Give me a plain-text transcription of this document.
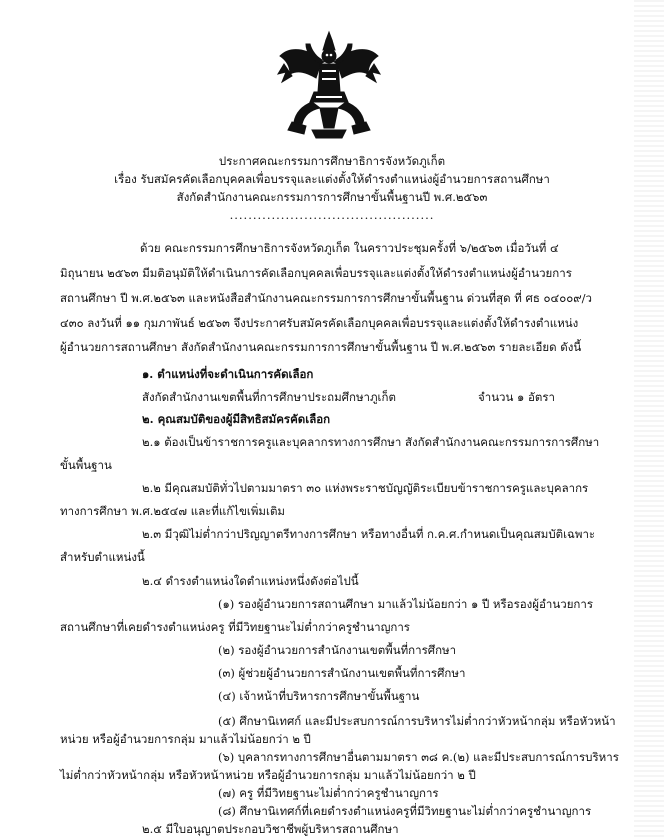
ประกาศคณะกรรมการศึกษาธิการจังหวัดภูเก็ต
เรื่อง รับสมัครคัดเลือกบุคคลเพื่อบรรจุและแต่งตั้งให้ดำรงตำแหน่งผู้อำนวยการสถานศึกษา
สังกัดสำนักงานคณะกรรมการการศึกษาขั้นพื้นฐานปี พ.ศ.๒๕๖๓
............................................
ด้วย คณะกรรมการศึกษาธิการจังหวัดภูเก็ต ในคราวประชุมครั้งที่ ๖/๒๕๖๓ เมื่อวันที่ ๔
มิถุนายน ๒๕๖๓ มีมติอนุมัติให้ดำเนินการคัดเลือกบุคคลเพื่อบรรจุและแต่งตั้งให้ดำรงตำแหน่งผู้อำนวยการ
สถานศึกษา ปี พ.ศ.๒๕๖๓ และหนังสือสำนักงานคณะกรรมการการศึกษาขั้นพื้นฐาน ด่วนที่สุด ที่ ศธ ๐๔๐๐๙/ว
๔๓๐ ลงวันที่ ๑๑ กุมภาพันธ์ ๒๕๖๓ จึงประกาศรับสมัครคัดเลือกบุคคลเพื่อบรรจุและแต่งตั้งให้ดำรงตำแหน่ง
ผู้อำนวยการสถานศึกษา สังกัดสำนักงานคณะกรรมการการศึกษาขั้นพื้นฐาน ปี พ.ศ.๒๕๖๓ รายละเอียด ดังนี้
๑. ตำแหน่งที่จะดำเนินการคัดเลือก
สังกัดสำนักงานเขตพื้นที่การศึกษาประถมศึกษาภูเก็ต	จำนวน ๑ อัตรา
๒. คุณสมบัติของผู้มีสิทธิสมัครคัดเลือก
๒.๑ ต้องเป็นข้าราชการครูและบุคลากรทางการศึกษา สังกัดสำนักงานคณะกรรมการการศึกษา
ขั้นพื้นฐาน
๒.๒ มีคุณสมบัติทั่วไปตามมาตรา ๓๐ แห่งพระราชบัญญัติระเบียบข้าราชการครูและบุคลากร
ทางการศึกษา พ.ศ.๒๕๔๗ และที่แก้ไขเพิ่มเติม
๒.๓ มีวุฒิไม่ต่ำกว่าปริญญาตรีทางการศึกษา หรือทางอื่นที่ ก.ค.ศ.กำหนดเป็นคุณสมบัติเฉพาะ
สำหรับตำแหน่งนี้
๒.๔ ดำรงตำแหน่งใดตำแหน่งหนึ่งดังต่อไปนี้
(๑) รองผู้อำนวยการสถานศึกษา มาแล้วไม่น้อยกว่า ๑ ปี หรือรองผู้อำนวยการ
สถานศึกษาที่เคยดำรงตำแหน่งครู ที่มีวิทยฐานะไม่ต่ำกว่าครูชำนาญการ
(๒) รองผู้อำนวยการสำนักงานเขตพื้นที่การศึกษา
(๓) ผู้ช่วยผู้อำนวยการสำนักงานเขตพื้นที่การศึกษา
(๔) เจ้าหน้าที่บริหารการศึกษาขั้นพื้นฐาน
(๕) ศึกษานิเทศก์ และมีประสบการณ์การบริหารไม่ต่ำกว่าหัวหน้ากลุ่ม หรือหัวหน้า
หน่วย หรือผู้อำนวยการกลุ่ม มาแล้วไม่น้อยกว่า ๒ ปี
(๖) บุคลากรทางการศึกษาอื่นตามมาตรา ๓๘ ค.(๒) และมีประสบการณ์การบริหาร
ไม่ต่ำกว่าหัวหน้ากลุ่ม หรือหัวหน้าหน่วย หรือผู้อำนวยการกลุ่ม มาแล้วไม่น้อยกว่า ๒ ปี
(๗) ครู ที่มีวิทยฐานะไม่ต่ำกว่าครูชำนาญการ
(๘) ศึกษานิเทศก์ที่เคยดำรงตำแหน่งครูที่มีวิทยฐานะไม่ต่ำกว่าครูชำนาญการ
๒.๕ มีใบอนุญาตประกอบวิชาชีพผู้บริหารสถานศึกษา
